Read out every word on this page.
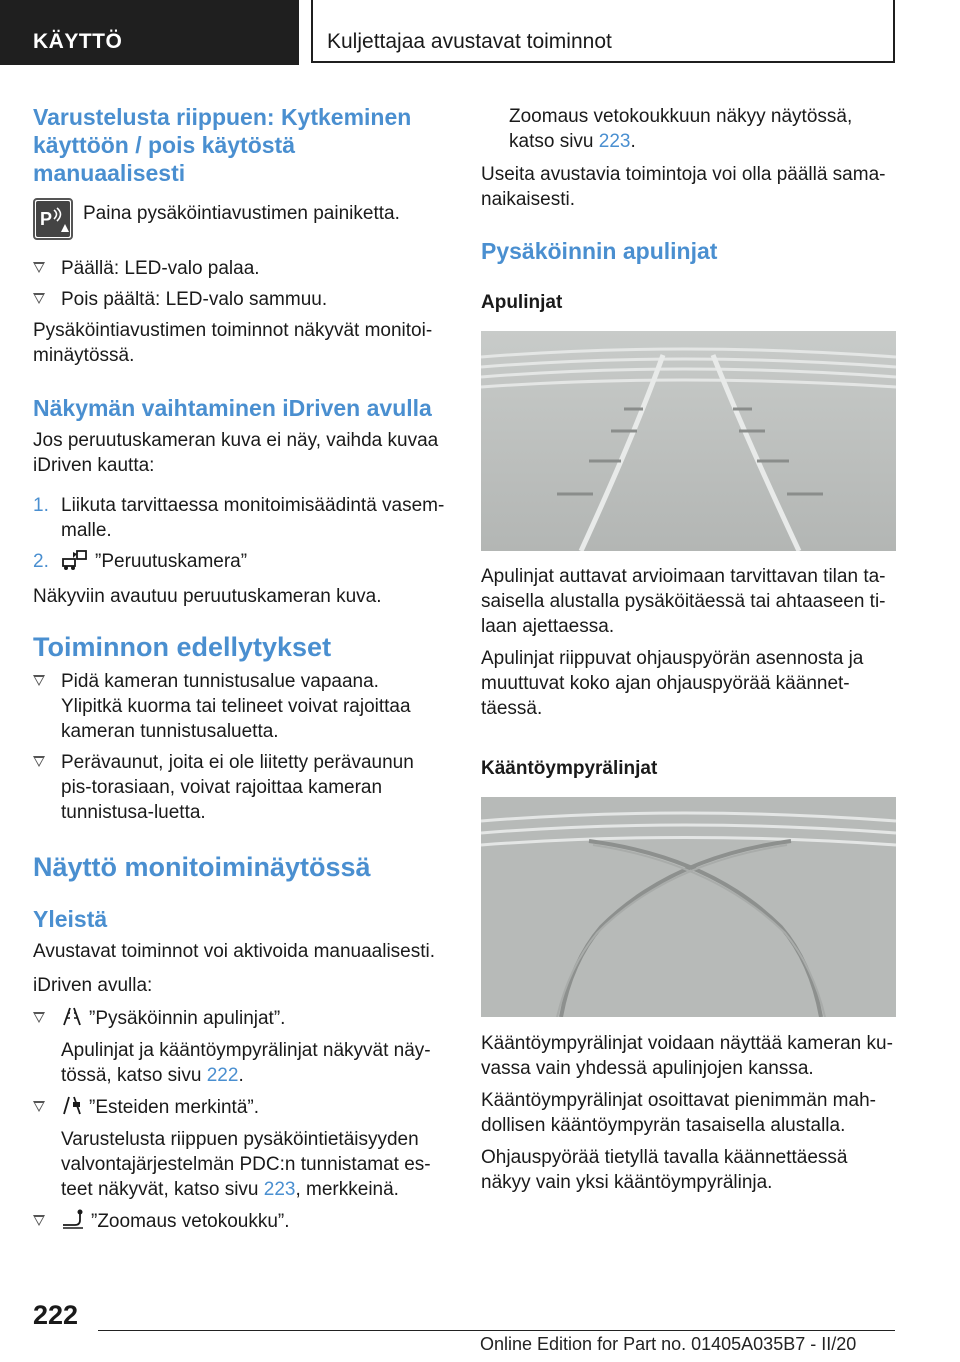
KÄYTTÖ	Kuljettajaa avustavat toiminnot
Varustelusta riippuen: Kytkeminen käyttöön / pois käytöstä manuaalisesti
P Paina pysäköintiavustimen painiketta.
Päällä: LED-valo palaa.
Pois päältä: LED-valo sammuu.
Pysäköintiavustimen toiminnot näkyvät monitoi-minäytössä.
Näkymän vaihtaminen iDriven avulla
Jos peruutuskameran kuva ei näy, vaihda kuvaa iDriven kautta:
1. Liikuta tarvittaessa monitoimisäädintä vasem-malle.
2. ”Peruutuskamera”
Näkyviin avautuu peruutuskameran kuva.
Toiminnon edellytykset
Pidä kameran tunnistusalue vapaana. Ylipitkä kuorma tai telineet voivat rajoittaa kameran tunnistusaluetta.
Perävaunut, joita ei ole liitetty perävaunun pis-torasiaan, voivat rajoittaa kameran tunnistusa-luetta.
Näyttö monitoiminäytössä
Yleistä
Avustavat toiminnot voi aktivoida manuaalisesti.
iDriven avulla:
”Pysäköinnin apulinjat”.
Apulinjat ja kääntöympyrälinjat näkyvät näy-tössä, katso sivu 222.
”Esteiden merkintä”.
Varustelusta riippuen pysäköintietäisyyden valvontajärjestelmän PDC:n tunnistamat es-teet näkyvät, katso sivu 223, merkkeinä.
”Zoomaus vetokoukku”.
Zoomaus vetokoukkuun näkyy näytössä, katso sivu 223.
Useita avustavia toimintoja voi olla päällä sama-naikaisesti.
Pysäköinnin apulinjat
Apulinjat
Apulinjat auttavat arvioimaan tarvittavan tilan ta-saisella alustalla pysäköitäessä tai ahtaaseen ti-laan ajettaessa.
Apulinjat riippuvat ohjauspyörän asennosta ja muuttuvat koko ajan ohjauspyörää käännet-täessä.
Kääntöympyrälinjat
Kääntöympyrälinjat voidaan näyttää kameran ku-vassa vain yhdessä apulinjojen kanssa.
Kääntöympyrälinjat osoittavat pienimmän mah-dollisen kääntöympyrän tasaisella alustalla.
Ohjauspyörää tietyllä tavalla käännettäessä näkyy vain yksi kääntöympyrälinja.
222
Online Edition for Part no. 01405A035B7 - II/20
